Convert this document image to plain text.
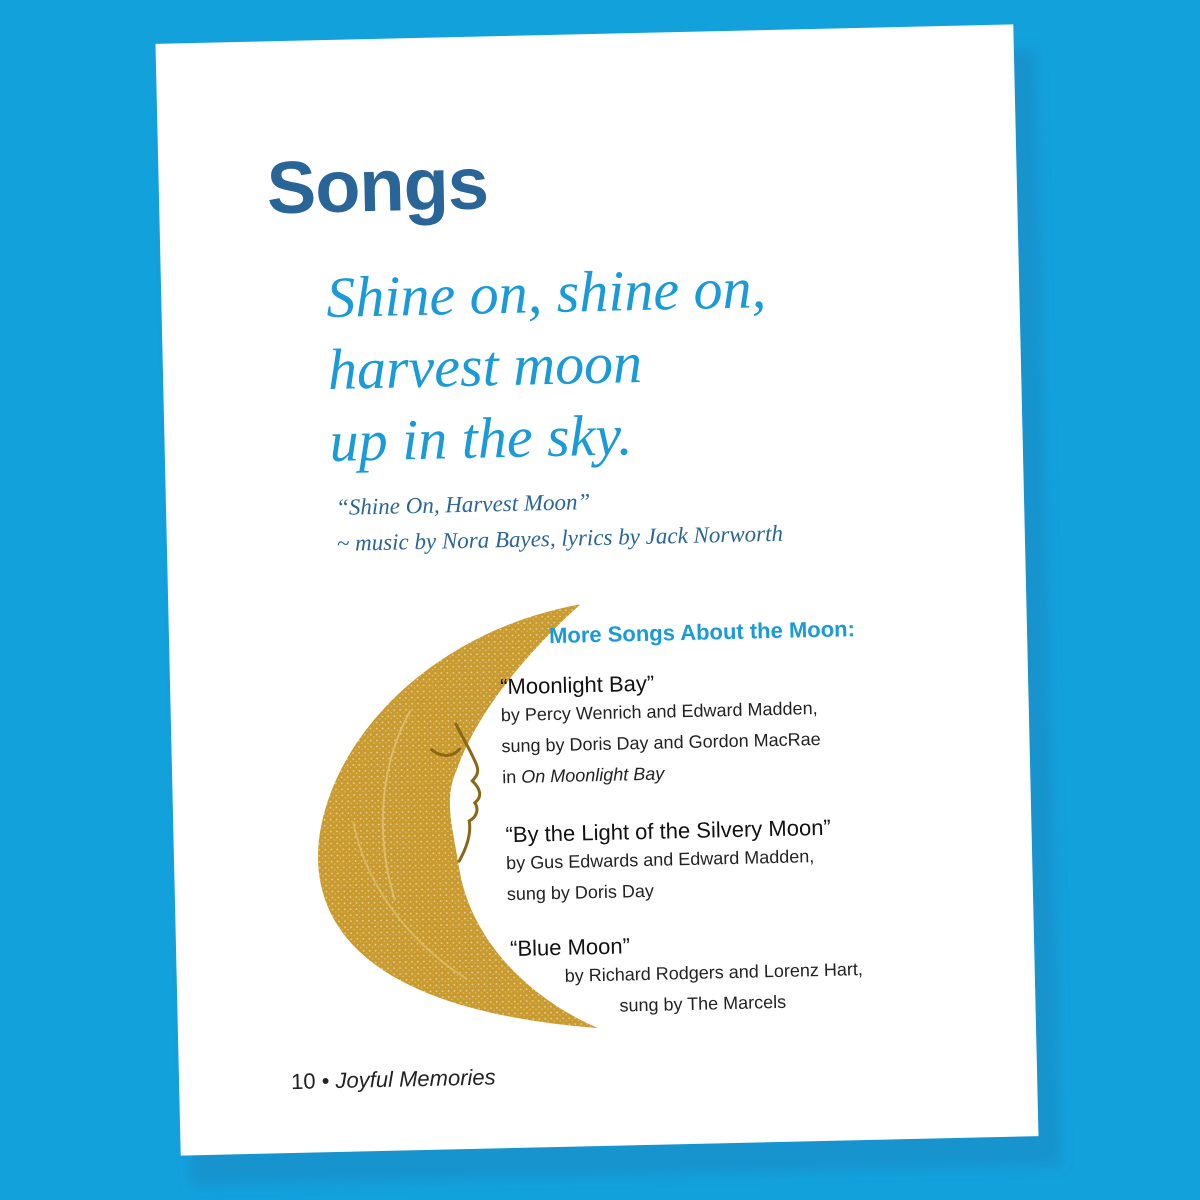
Songs
Shine on, shine on,
harvest moon
up in the sky.
“Shine On, Harvest Moon”
~ music by Nora Bayes, lyrics by Jack Norworth
More Songs About the Moon:
“Moonlight Bay”
by Percy Wenrich and Edward Madden,
sung by Doris Day and Gordon MacRae
in On Moonlight Bay
“By the Light of the Silvery Moon”
by Gus Edwards and Edward Madden,
sung by Doris Day
“Blue Moon”
by Richard Rodgers and Lorenz Hart,
sung by The Marcels
10 • Joyful Memories
